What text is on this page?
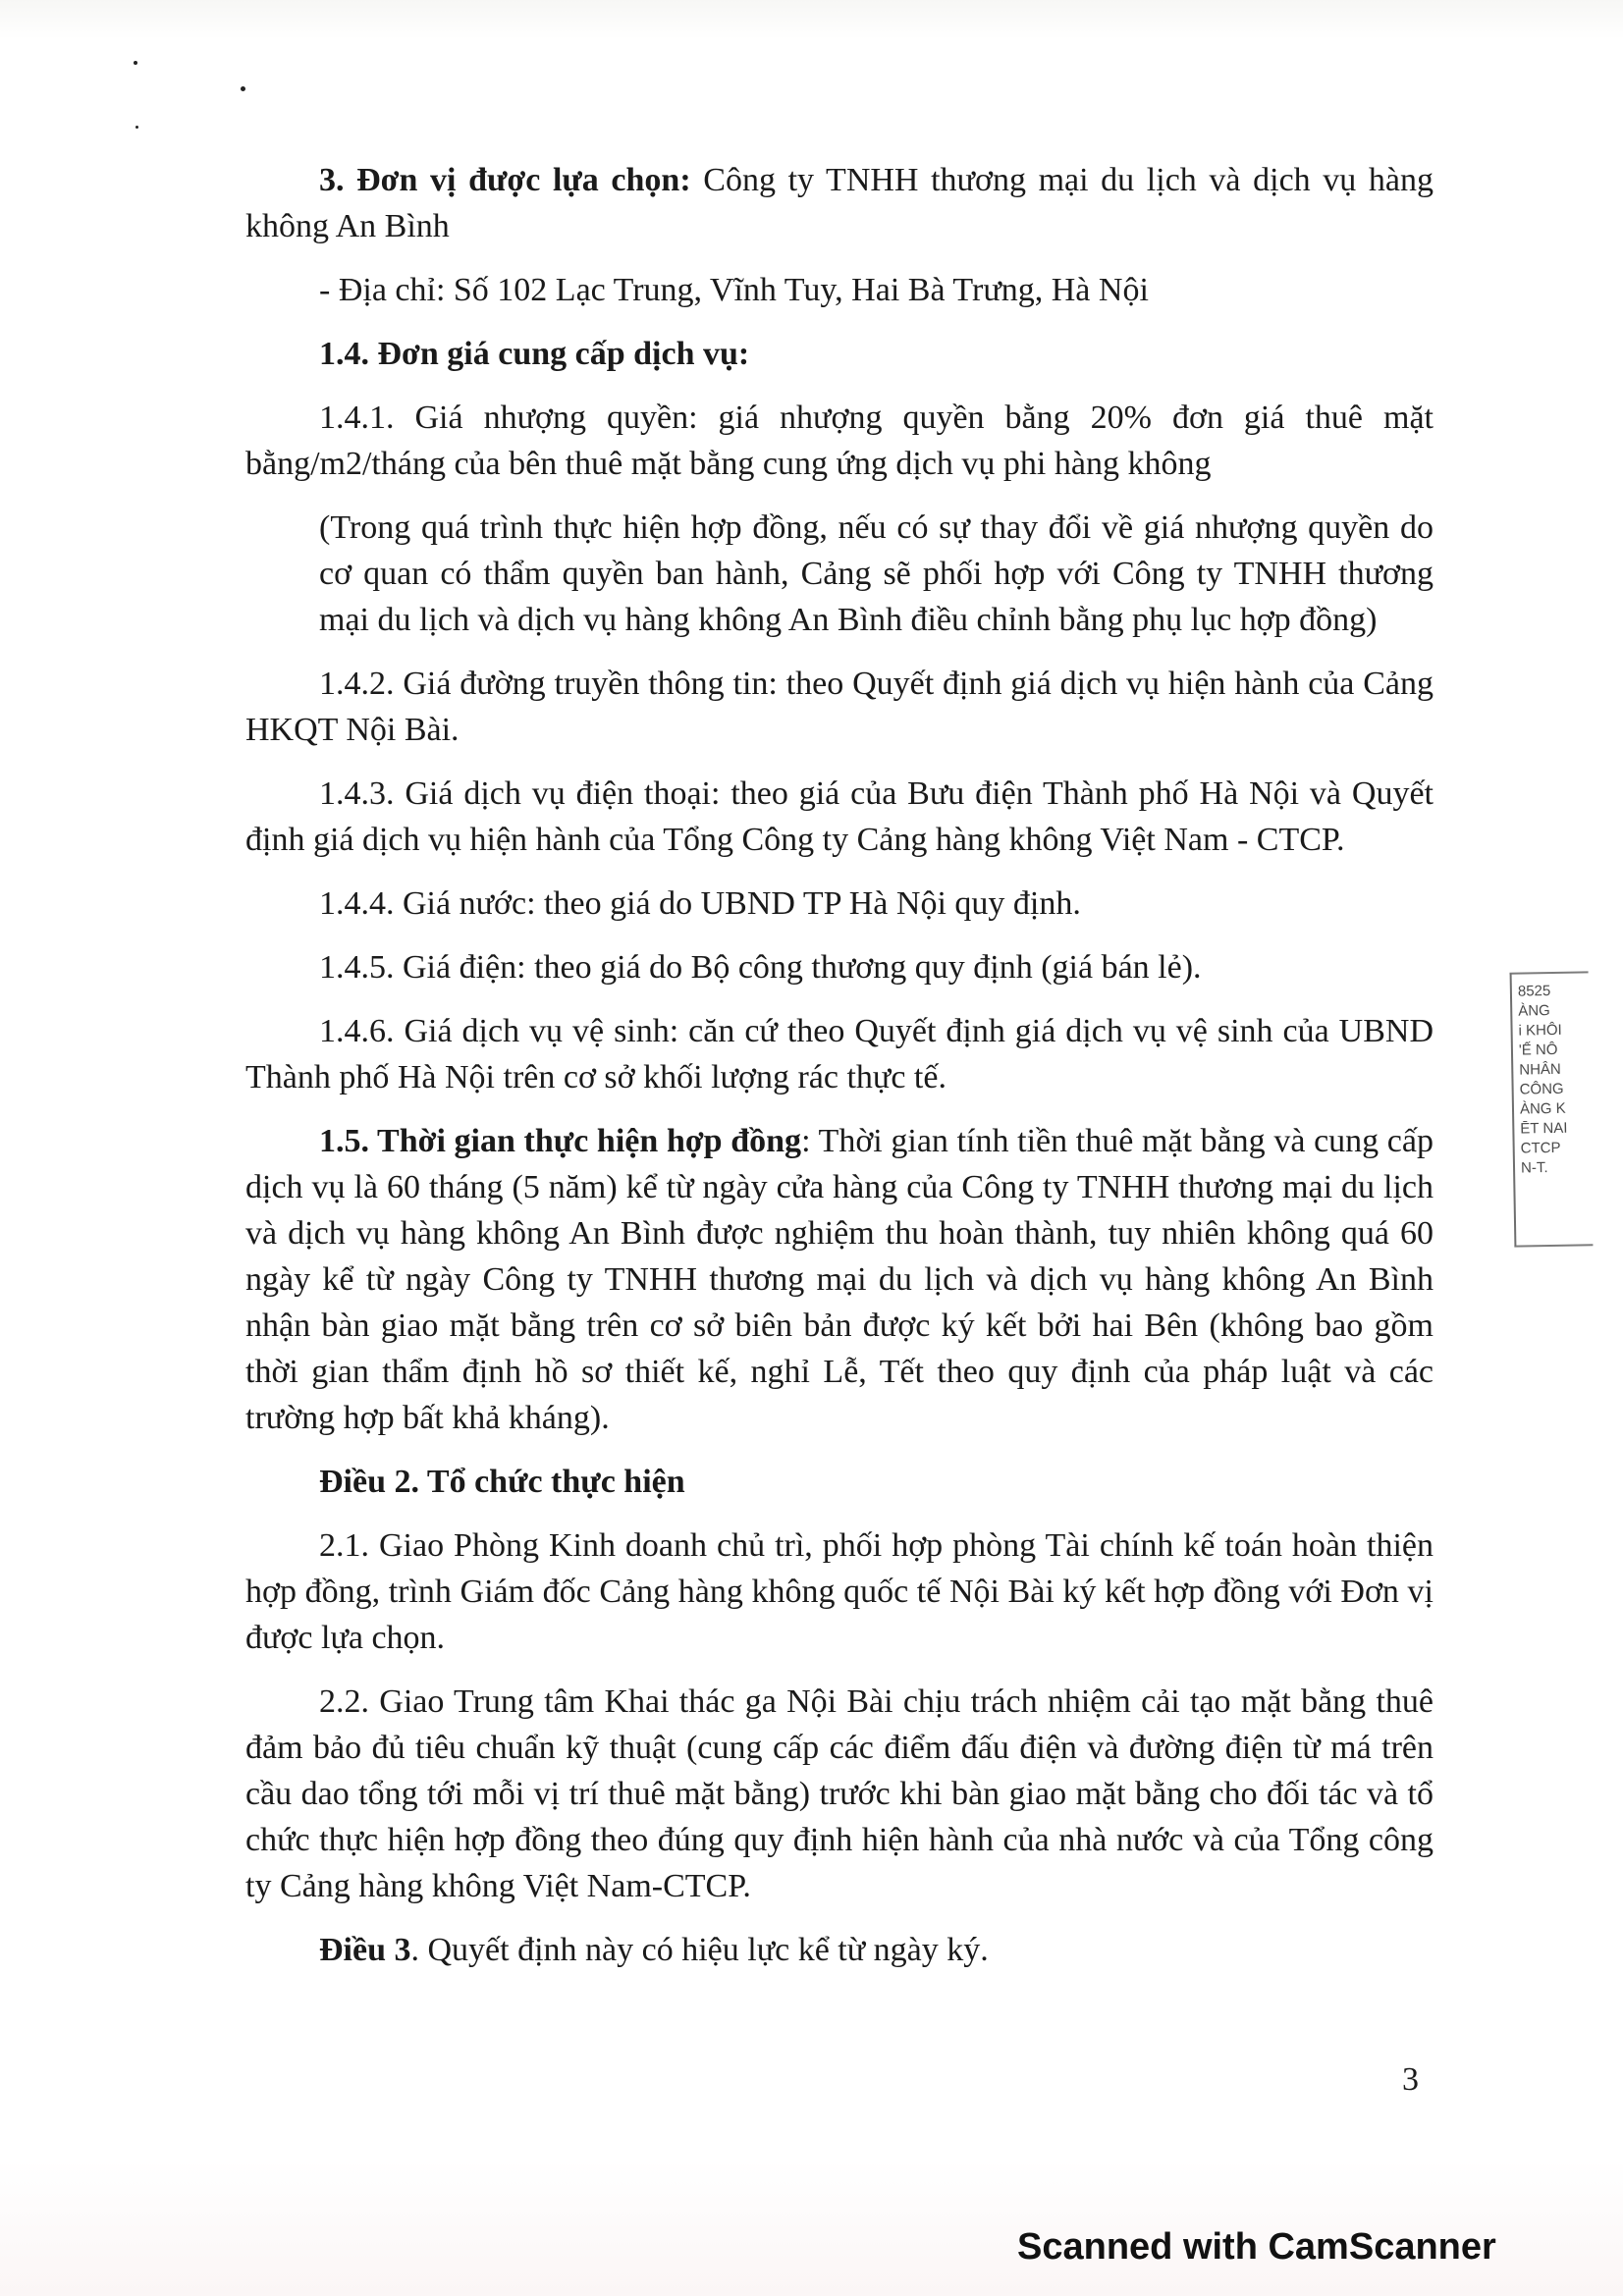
3. Đơn vị được lựa chọn: Công ty TNHH thương mại du lịch và dịch vụ hàng không An Bình

- Địa chỉ: Số 102 Lạc Trung, Vĩnh Tuy, Hai Bà Trưng, Hà Nội

1.4. Đơn giá cung cấp dịch vụ:

1.4.1. Giá nhượng quyền: giá nhượng quyền bằng 20% đơn giá thuê mặt bằng/m2/tháng của bên thuê mặt bằng cung ứng dịch vụ phi hàng không

(Trong quá trình thực hiện hợp đồng, nếu có sự thay đổi về giá nhượng quyền do cơ quan có thẩm quyền ban hành, Cảng sẽ phối hợp với Công ty TNHH thương mại du lịch và dịch vụ hàng không An Bình điều chỉnh bằng phụ lục hợp đồng)

1.4.2. Giá đường truyền thông tin: theo Quyết định giá dịch vụ hiện hành của Cảng HKQT Nội Bài.

1.4.3. Giá dịch vụ điện thoại: theo giá của Bưu điện Thành phố Hà Nội và Quyết định giá dịch vụ hiện hành của Tổng Công ty Cảng hàng không Việt Nam - CTCP.

1.4.4. Giá nước: theo giá do UBND TP Hà Nội quy định.

1.4.5. Giá điện: theo giá do Bộ công thương quy định (giá bán lẻ).

1.4.6. Giá dịch vụ vệ sinh: căn cứ theo Quyết định giá dịch vụ vệ sinh của UBND Thành phố Hà Nội trên cơ sở khối lượng rác thực tế.

1.5. Thời gian thực hiện hợp đồng: Thời gian tính tiền thuê mặt bằng và cung cấp dịch vụ là 60 tháng (5 năm) kể từ ngày cửa hàng của Công ty TNHH thương mại du lịch và dịch vụ hàng không An Bình được nghiệm thu hoàn thành, tuy nhiên không quá 60 ngày kể từ ngày Công ty TNHH thương mại du lịch và dịch vụ hàng không An Bình nhận bàn giao mặt bằng trên cơ sở biên bản được ký kết bởi hai Bên (không bao gồm thời gian thẩm định hồ sơ thiết kế, nghỉ Lễ, Tết theo quy định của pháp luật và các trường hợp bất khả kháng).

Điều 2. Tổ chức thực hiện

2.1. Giao Phòng Kinh doanh chủ trì, phối hợp phòng Tài chính kế toán hoàn thiện hợp đồng, trình Giám đốc Cảng hàng không quốc tế Nội Bài ký kết hợp đồng với Đơn vị được lựa chọn.

2.2. Giao Trung tâm Khai thác ga Nội Bài chịu trách nhiệm cải tạo mặt bằng thuê đảm bảo đủ tiêu chuẩn kỹ thuật (cung cấp các điểm đấu điện và đường điện từ má trên cầu dao tổng tới mỗi vị trí thuê mặt bằng) trước khi bàn giao mặt bằng cho đối tác và tổ chức thực hiện hợp đồng theo đúng quy định hiện hành của nhà nước và của Tổng công ty Cảng hàng không Việt Nam-CTCP.

Điều 3. Quyết định này có hiệu lực kể từ ngày ký.

8525
ÀNG
i KHÔI
'Ế NÔ
NHÂN
CÔNG
ÀNG K
ĒT NAI
CTCP
N-T.
3
Scanned with CamScanner
